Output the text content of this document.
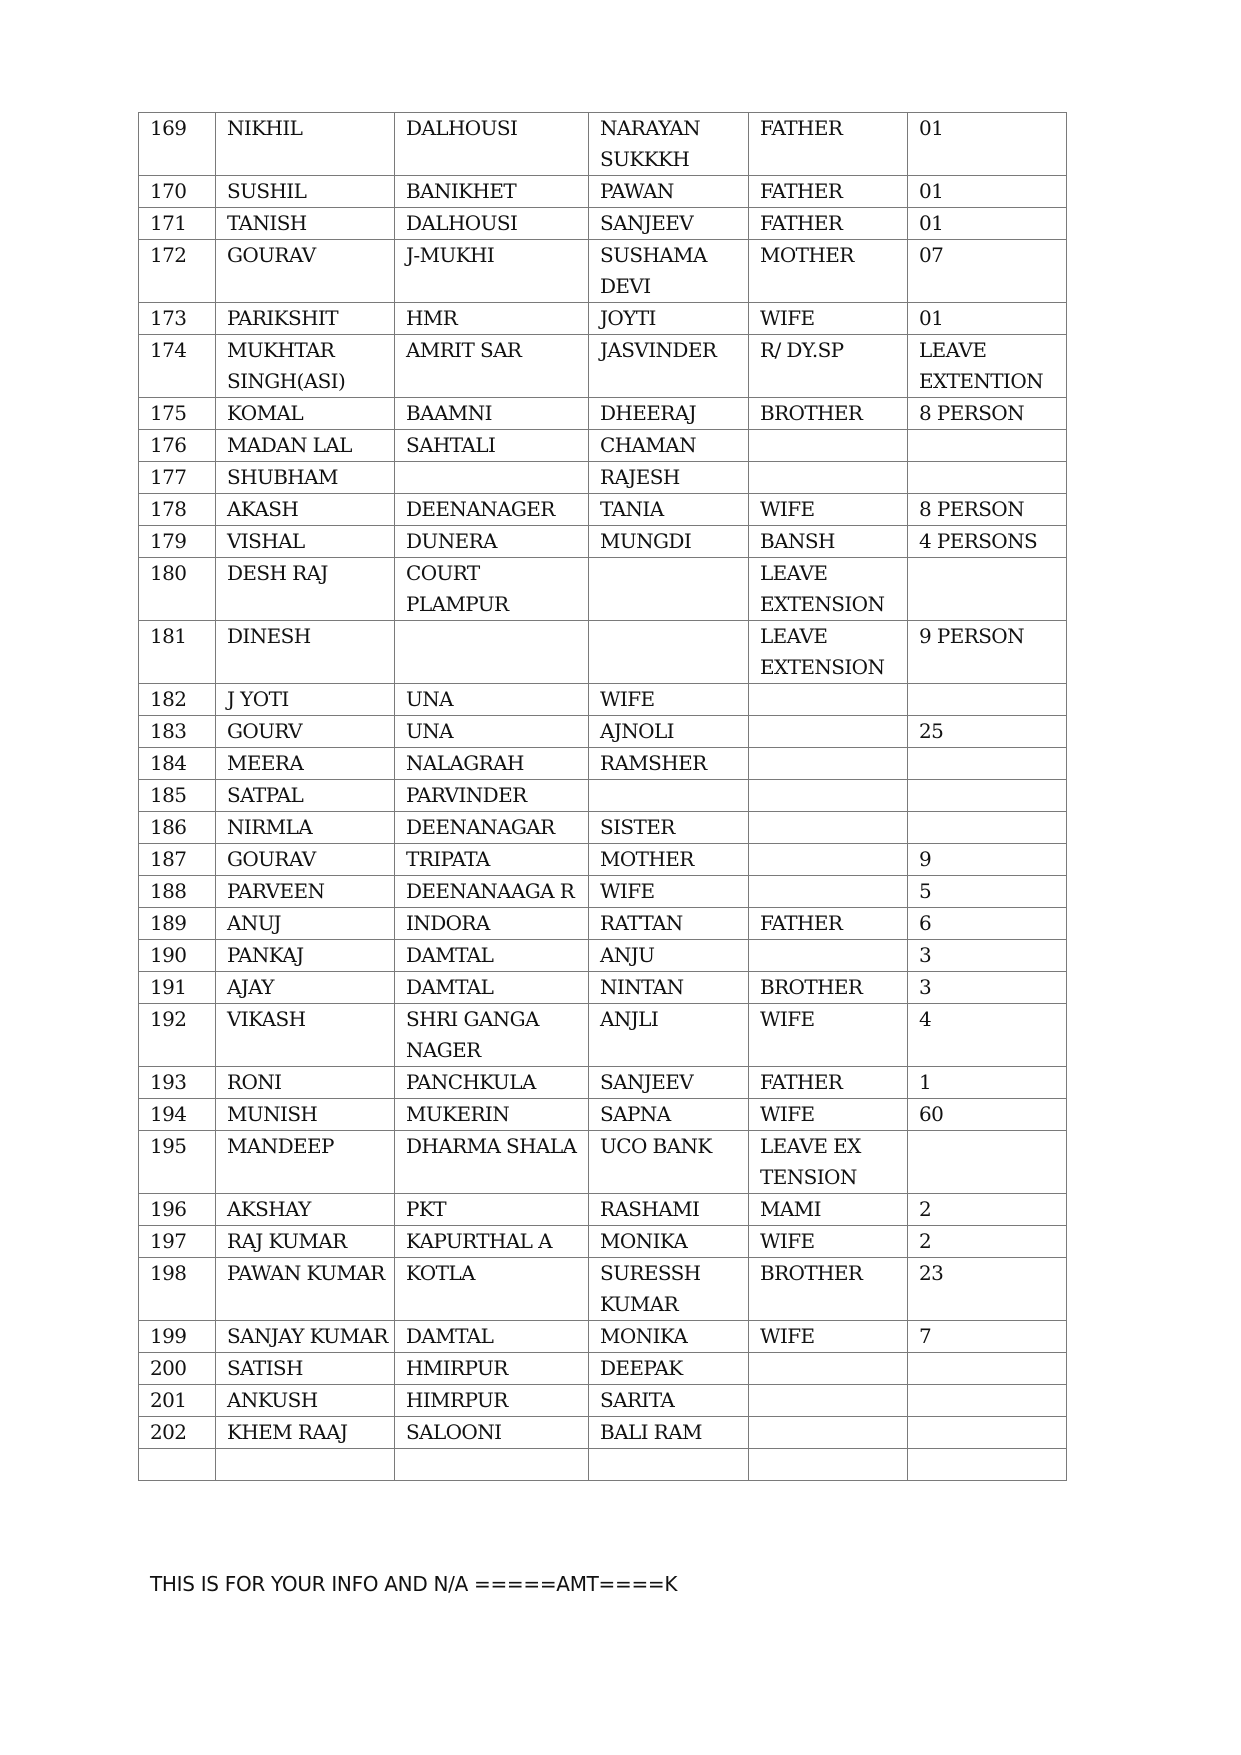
169	NIKHIL	DALHOUSI	NARAYAN SUKKKH	FATHER	01
170	SUSHIL	BANIKHET	PAWAN	FATHER	01
171	TANISH	DALHOUSI	SANJEEV	FATHER	01
172	GOURAV	J-MUKHI	SUSHAMA DEVI	MOTHER	07
173	PARIKSHIT	HMR	JOYTI	WIFE	01
174	MUKHTAR SINGH(ASI)	AMRIT SAR	JASVINDER	R/ DY.SP	LEAVE EXTENTION
175	KOMAL	BAAMNI	DHEERAJ	BROTHER	8 PERSON
176	MADAN LAL	SAHTALI	CHAMAN		
177	SHUBHAM		RAJESH		
178	AKASH	DEENANAGER	TANIA	WIFE	8 PERSON
179	VISHAL	DUNERA	MUNGDI	BANSH	4 PERSONS
180	DESH RAJ	COURT PLAMPUR		LEAVE EXTENSION	
181	DINESH			LEAVE EXTENSION	9 PERSON
182	J YOTI	UNA	WIFE		
183	GOURV	UNA	AJNOLI		25
184	MEERA	NALAGRAH	RAMSHER		
185	SATPAL	PARVINDER			
186	NIRMLA	DEENANAGAR	SISTER		
187	GOURAV	TRIPATA	MOTHER		9
188	PARVEEN	DEENANAAGA R	WIFE		5
189	ANUJ	INDORA	RATTAN	FATHER	6
190	PANKAJ	DAMTAL	ANJU		3
191	AJAY	DAMTAL	NINTAN	BROTHER	3
192	VIKASH	SHRI GANGA NAGER	ANJLI	WIFE	4
193	RONI	PANCHKULA	SANJEEV	FATHER	1
194	MUNISH	MUKERIN	SAPNA	WIFE	60
195	MANDEEP	DHARMA SHALA	UCO BANK	LEAVE EX TENSION	
196	AKSHAY	PKT	RASHAMI	MAMI	2
197	RAJ KUMAR	KAPURTHAL A	MONIKA	WIFE	2
198	PAWAN KUMAR	KOTLA	SURESSH KUMAR	BROTHER	23
199	SANJAY KUMAR	DAMTAL	MONIKA	WIFE	7
200	SATISH	HMIRPUR	DEEPAK		
201	ANKUSH	HIMRPUR	SARITA		
202	KHEM RAAJ	SALOONI	BALI RAM		

THIS IS FOR YOUR INFO AND N/A =====AMT====K
